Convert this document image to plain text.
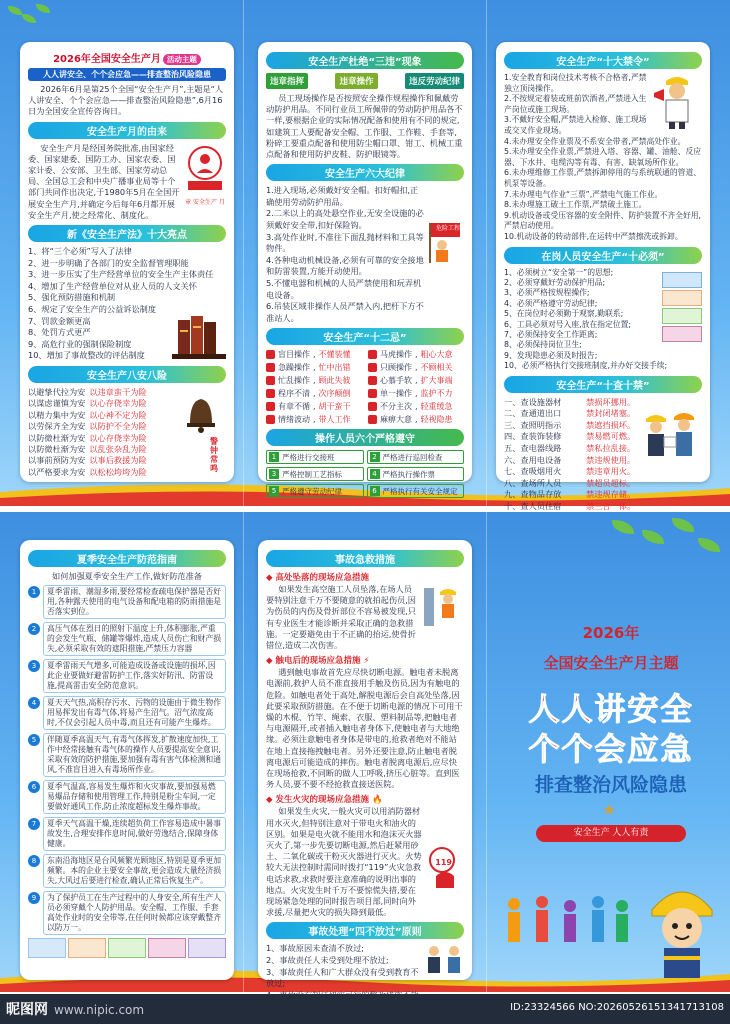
2026年全国安全生产月 活动主题
人人讲安全、个个会应急——排查整治风险隐患

2026年6月是第25个全国“安全生产月”,主题是“人人讲安全、个个会应急——排查整治风险隐患”,6月16日为全国安全宣传咨询日。

安全生产月的由来

安全生产月是经国务院批准,由国家经委、国家建委、国防工办、国家农委、国家计委、公安部、卫生部、国家劳动总局、全国总工会和中央广播事业局等十个部门共同作出决定,于1980年5月在全国开展安全生产月,并确定今后每年6月都开展安全生产月,使之经常化、制度化。

章 安全生产 月
新《安全生产法》十大亮点
1、将“三个必须”写入了法律
2、进一步明确了各部门的安全监督管理职能
3、进一步压实了生产经营单位的安全生产主体责任
4、增加了生产经营单位对从业人员的人文关怀
5、强化预防措施和机制
6、规定了安全生产的公益诉讼制度
7、罚款金额更高
8、处罚方式更严
9、高危行业的强制保险制度
10、增加了事故整改的评估制度
安全生产八安八险
以避挚代拉为安 以违章蛮干为险
以谋虑谨慎为安 以心存侥幸为险
以精力集中为安 以心神不定为险
以劳保齐全为安 以防护不全为险
以防微杜渐为安 以心存侥幸为险
以防微杜渐为安 以乱张杂乱为险
以事前预防为安 以事后救援为险
以严格要求为安 以松松垮垮为险
警钟常鸣
安全生产杜绝“三违”现象
违章指挥	违章操作	违反劳动纪律

员工现场操作是否按照安全操作规程操作和佩戴劳动防护用品。不同行业员工所佩带的劳动防护用品各不一样,要根据企业的实际情况配备和使用有不同的规定,如建筑工人要配备安全帽、工作服、工作鞋、手套等,粉碎工要重点配备和使用防尘帽口罩、钳工、机械工重点配备和使用防护皮鞋、防护眼镜等。

安全生产六大纪律
1.进入现场,必须戴好安全帽。扣好帽扣,正确使用劳动防护用品。
2.二米以上的高处悬空作业,无安全设施的必须戴好安全带,扣好保险钩。
3.高处作业时,不准往下面乱抛材料和工具等物件。
4.各种电动机械设备,必须有可靠的安全接地和防雷装置,方能开动使用。
5.不懂电器和机械的人员严禁使用和玩弄机电设备。
6.吊装区域非操作人员严禁入内,把杆下方不准站人。
危险工程
安全生产“十二忌”
盲目操作 , 不懂装懂	马虎操作 , 粗心大意
急躁操作 , 忙中出错	只顾操作 , 不顾相关
忙乱操作 , 顾此失彼	心慕手软 , 扩大事端
程序不清 , 次序颠倒	单一操作 , 监护不力
有章不循 , 胡干蛮干	不分主次 , 轻重缓急
情绪波动 , 带人工作	麻痹大意 , 轻视隐患
操作人员六个严格遵守
1 严格进行交接班	2 严格进行巡回检查
3 严格控制工艺指标	4 严格执行操作票
5 严格遵守劳动纪律	6 严格执行有关安全规定
安全生产“十大禁令”
1.安全教育和岗位技术考核不合格者,严禁独立顶岗操作。
2.不按规定着装或班前饮酒者,严禁进入生产岗位或施工现场。
3.不戴好安全帽,严禁进入检修、施工现场或交叉作业现场。
4.未办理安全作业票及不系安全带者,严禁高处作业。
5.未办理安全作业票,严禁进入塔、容器、罐、油舱、反应器、下水井、电缆沟等有毒、有害、缺氧场所作业。
6.未办理维修工作票,严禁拆卸停用的与系统联通的管道、机泵等设备。
7.未办理电气作业“三票”,严禁电气施工作业。
8.未办理施工破土工作票,严禁破土施工。
9.机动设备或受压容器的安全附件、防护装置不齐全好用,严禁启动使用。
10.机动设备的转动部件,在运转中严禁擦洗或拆卸。
在岗人员安全生产“十必须”
1、必须树立“安全第一”的思想;
2、必须穿戴好劳动保护用品;
3、必须严格按规程操作;
4、必须严格遵守劳动纪律;
5、在岗位时必须勤于观察,勤联系;
6、工具必须对号入座,放在指定位置;
7、必须保持安全工作距离;
8、必须保持岗位卫生;
9、发现隐患必须及时报告;
10、必须严格执行交接班制度,并办好交接手续;
安全生产“十查十禁”
一、查设施器材	禁损坏挪用。
二、查通道出口	禁封闭堵塞。
三、查照明指示	禁遮挡损坏。
四、查装饰装修	禁易燃可燃。
五、查电器线路	禁私拉乱接。
六、查用电设备	禁违规使用。
七、查吸烟用火	禁违章用火。
八、查场所人员	禁超员超标。
九、查物品存放	禁违规存储。
十、查人员住宿	禁三合一体。
夏季安全生产防范指南
如何加强夏季安全生产工作,做好防范准备
1	夏季雷雨、潮湿多雨,要经常检查疏电保护器是否好用,各种露天使用的电气设备和配电箱的防雨措施是否落实到位。
2	高压气体在烈日的照射下温度上升,体积膨胀,严重的会发生气瓶、储罐等爆炸,造成人员伤亡和财产损失,必须采取有效的遮阳措施,严禁压力容器
3	夏季雷雨天气增多,可能造成设备或设施的损坏,因此企业要做好避雷防护工作,落实好防汛、防雷设施,提高雷击安全防范意识。
4	夏天天气热,高积存污水、污物的设施由于微生物作用易挥发出有毒气体,将易产生沼气。沼气浓度高时,不仅会引起人员中毒,而且还有可能产生爆炸。
5	伴随夏季高温天气,有毒气体挥发,扩散速度加快,工作中经常接触有毒气体的操作人员要提高安全意识,采取有效的防护措施,要加强有毒有害气体检测和通风,不准盲目进入有毒场所作业。
6	夏季气温高,容易发生爆炸和火灾事故,要加强易燃易爆品存储和使用管理工作,特别是粉尘车间,一定要做好通风工作,防止浓度超标发生爆炸事故。
7	夏季天气高温干燥,连续超负荷工作容易造成中暑事故发生,合理安排作息时间,做好劳逸结合,保障身体健康。
8	东南沿海地区是台风频繁光顾地区,特别是夏季更加频繁。本的企业主要安全事故,更会造成大量经济损失,大风过后要进行检查,确认正常后恢复生产。
9	为了保护员工在生产过程中的人身安全,所有生产人员必须穿戴个人防护用品。安全帽、工作服、手套高处作业时的安全带等,在任何时候都应该穿戴整齐以防万一。
事故急救措施
◆ 高处坠落的现场应急措施

如果发生高空施工人员坠落,在场人员要特别注意千万不要随意的就拍起伤员,因为伤员的内伤及骨折部位不容易被发现,只有专业医生才能诊断并采取正确的急救措施。一定要避免由于不正确的抬运,使骨折错位,造成二次伤害。

◆ 触电后的现场应急措施 ⚡

遇到触电事故首先应尽快切断电源。触电者未脱离电源前,救护人员不准直接用手触及伤员,因为有触电的危险。如触电者处于高处,解脱电源后会自高处坠落,因此要采取预防措施。在不便于切断电源的情况下可用干燥的木棍、竹竿、绳索、衣服、塑料制品等,把触电者与电源隔开,或者插入触电者身体下,使触电者与大地绝缘。必须注意触电者身体是带电的,抢救者绝对不能站在地上直接拖拽触电者。另外还要注意,防止触电者脱离电源后可能造成的摔伤。触电者脱离电源后,应尽快在现场抢救,不同断的做人工呼吸,挤压心脏等。直到医务人员,要不要不经抢救直接送医院。

◆ 发生火灾的现场应急措施 🔥

如果发生火灾,一般火灾可以用消防器材用水灭火,但特别注意对于带电火和油火的区别。如果是电火就不能用水和泡沫灭火器灭火了,第一步先要切断电源,然后赶紧用砂土、二氧化碳或干粉灭火器进行灭火。火势较大无法控制时需同时拨打“119”火灾急救电话求救,求救时要注意准确的说明出事的地点。火灾发生时千万不要惊慌失措,要在现场紧急处理的同时报告项目部,同时向外求援,尽量把火灾的损失降到最低。

119
事故处理“四不放过”原则
1、事故原因未查清不放过;
2、事故责任人未受到处理不放过;
3、事故责任人和广大群众没有受到教育不放过;
2026年
全国安全生产月主题
人人讲安全
个个会应急
排查整治风险隐患
★
安全生产 人人有责
昵图网 www.nipic.com	ID:23324566 NO:20260526151341713108
